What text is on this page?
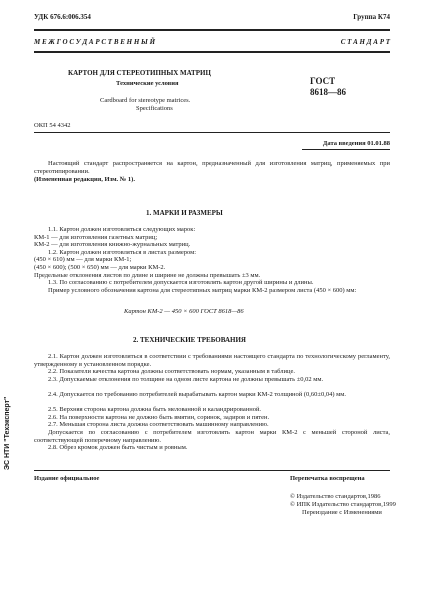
УДК 676.6:006.354	Группа К74
М Е Ж Г О С У Д А Р С Т В Е Н Н Ы Й	С Т А Н Д А Р Т
КАРТОН ДЛЯ СТЕРЕОТИПНЫХ МАТРИЦ
Технические условия
Cardboard for stereotype matrices.
Specifications
ГОСТ
8618—86
ОКП 54 4342
Дата введения 01.01.88
Настоящий стандарт распространяется на картон, предназначенный для изготовления матриц, применяемых при стереотипировании.
(Измененная редакция, Изм. № 1).
1. МАРКИ И РАЗМЕРЫ
1.1. Картон должен изготовляться следующих марок:
КМ-1 — для изготовления газетных матриц;
КМ-2 — для изготовления книжно-журнальных матриц.
1.2. Картон должен изготовляться в листах размером:
(450 × 610) мм — для марки КМ-1;
(450 × 600); (500 × 650) мм — для марки КМ-2.
Предельные отклонения листов по длине и ширине не должны превышать ±3 мм.
1.3. По согласованию с потребителем допускается изготовлять картон другой ширины и длины.
Пример условного обозначения картона для стереотипных матриц марки КМ-2 размером листа (450 × 600) мм:
Картон КМ-2 — 450 × 600 ГОСТ 8618—86
2. ТЕХНИЧЕСКИЕ ТРЕБОВАНИЯ
2.1. Картон должен изготовляться в соответствии с требованиями настоящего стандарта по технологическому регламенту, утвержденному в установленном порядке.
2.2. Показатели качества картона должны соответствовать нормам, указанным в таблице.
2.3. Допускаемые отклонения по толщине на одном листе картона не должны превышать ±0,02 мм.
2.4. Допускается по требованию потребителей вырабатывать картон марки КМ-2 толщиной (0,60±0,04) мм.
2.5. Верхняя сторона картона должна быть мелованной и каландрированной.
2.6. На поверхности картона не должно быть вмятин, соринок, задиров и пятен.
2.7. Меньшая сторона листа должна соответствовать машинному направлению.
Допускается по согласованию с потребителем изготовлять картон марки КМ-2 с меньшей стороной листа, соответствующей поперечному направлению.
2.8. Обрез кромок должен быть чистым и ровным.
Издание официальное	Перепечатка воспрещена
© Издательство стандартов,1986
© ИПК Издательство стандартов,1999
Переиздание с Изменениями
ЭС НТИ "Техэксперт"
